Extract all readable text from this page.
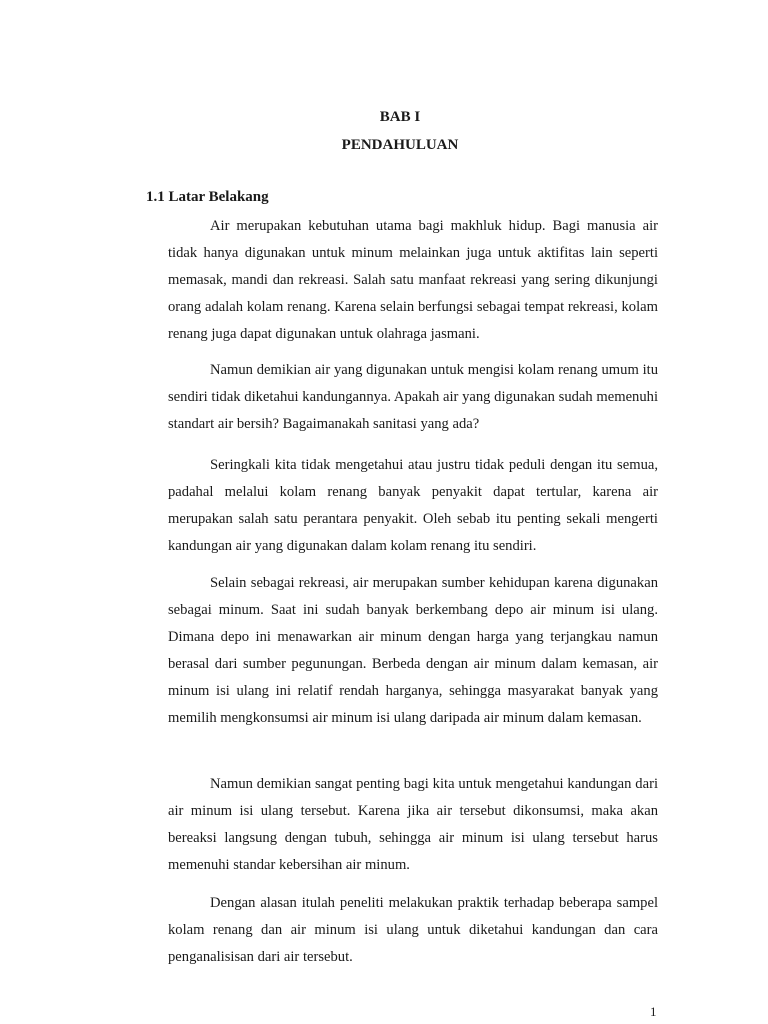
BAB I
PENDAHULUAN
1.1 Latar Belakang

Air merupakan kebutuhan utama bagi makhluk hidup. Bagi manusia air tidak hanya digunakan untuk minum melainkan juga untuk aktifitas lain seperti memasak, mandi dan rekreasi. Salah satu manfaat rekreasi yang sering dikunjungi orang adalah kolam renang. Karena selain berfungsi sebagai tempat rekreasi, kolam renang juga dapat digunakan untuk olahraga jasmani.

Namun demikian air yang digunakan untuk mengisi kolam renang umum itu sendiri tidak diketahui kandungannya. Apakah air yang digunakan sudah memenuhi standart air bersih? Bagaimanakah sanitasi yang ada?

Seringkali kita tidak mengetahui atau justru tidak peduli dengan itu semua, padahal melalui kolam renang banyak penyakit dapat tertular, karena air merupakan salah satu perantara penyakit. Oleh sebab itu penting sekali mengerti kandungan air yang digunakan dalam kolam renang itu sendiri.

Selain sebagai rekreasi, air merupakan sumber kehidupan karena digunakan sebagai minum. Saat ini sudah banyak berkembang depo air minum isi ulang. Dimana depo ini menawarkan air minum dengan harga yang terjangkau namun berasal dari sumber pegunungan. Berbeda dengan air minum dalam kemasan, air minum isi ulang ini relatif rendah harganya, sehingga masyarakat banyak yang memilih mengkonsumsi air minum isi ulang daripada air minum dalam kemasan.

Namun demikian sangat penting bagi kita untuk mengetahui kandungan dari air minum isi ulang tersebut. Karena jika air tersebut dikonsumsi, maka akan bereaksi langsung dengan tubuh, sehingga air minum isi ulang tersebut harus memenuhi standar kebersihan air minum.

Dengan alasan itulah peneliti melakukan praktik terhadap beberapa sampel kolam renang dan air minum isi ulang untuk diketahui kandungan dan cara penganalisisan dari air tersebut.

1
